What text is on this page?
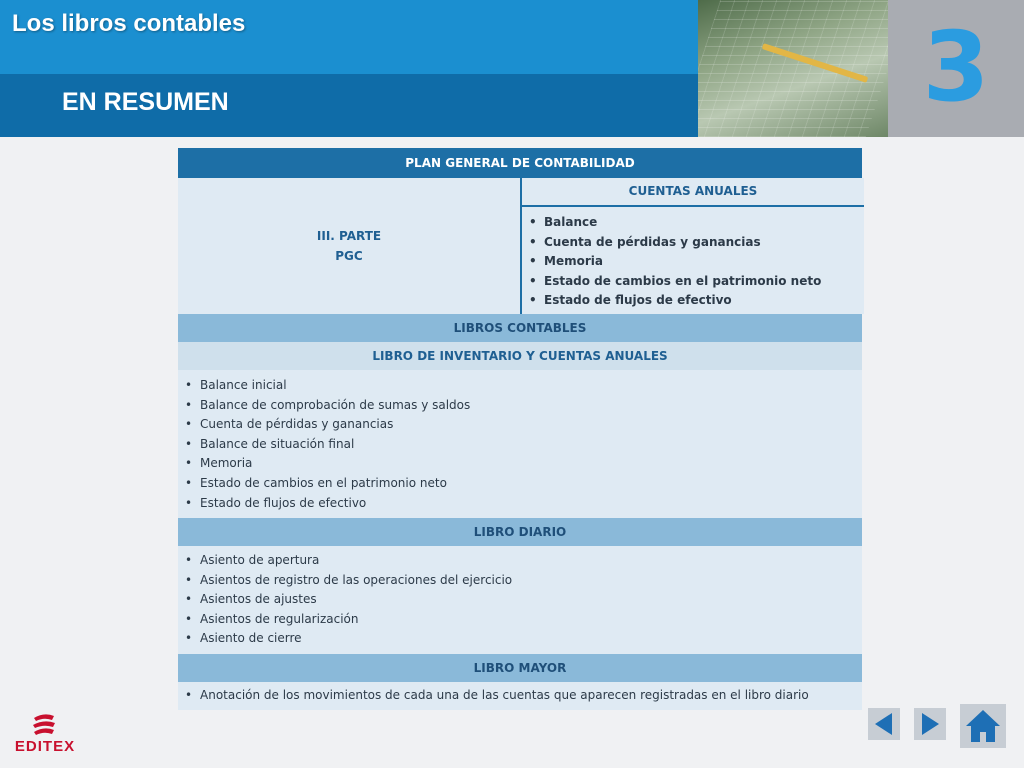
Los libros contables
EN RESUMEN	3
PLAN GENERAL DE CONTABILIDAD
III. PARTE
PGC
CUENTAS ANUALES
• Balance
• Cuenta de pérdidas y ganancias
• Memoria
• Estado de cambios en el patrimonio neto
• Estado de flujos de efectivo
LIBROS CONTABLES
LIBRO DE INVENTARIO Y CUENTAS ANUALES
• Balance inicial
• Balance de comprobación de sumas y saldos
• Cuenta de pérdidas y ganancias
• Balance de situación final
• Memoria
• Estado de cambios en el patrimonio neto
• Estado de flujos de efectivo
LIBRO DIARIO
• Asiento de apertura
• Asientos de registro de las operaciones del ejercicio
• Asientos de ajustes
• Asientos de regularización
• Asiento de cierre
LIBRO MAYOR
• Anotación de los movimientos de cada una de las cuentas que aparecen registradas en el libro diario
EDITEX
